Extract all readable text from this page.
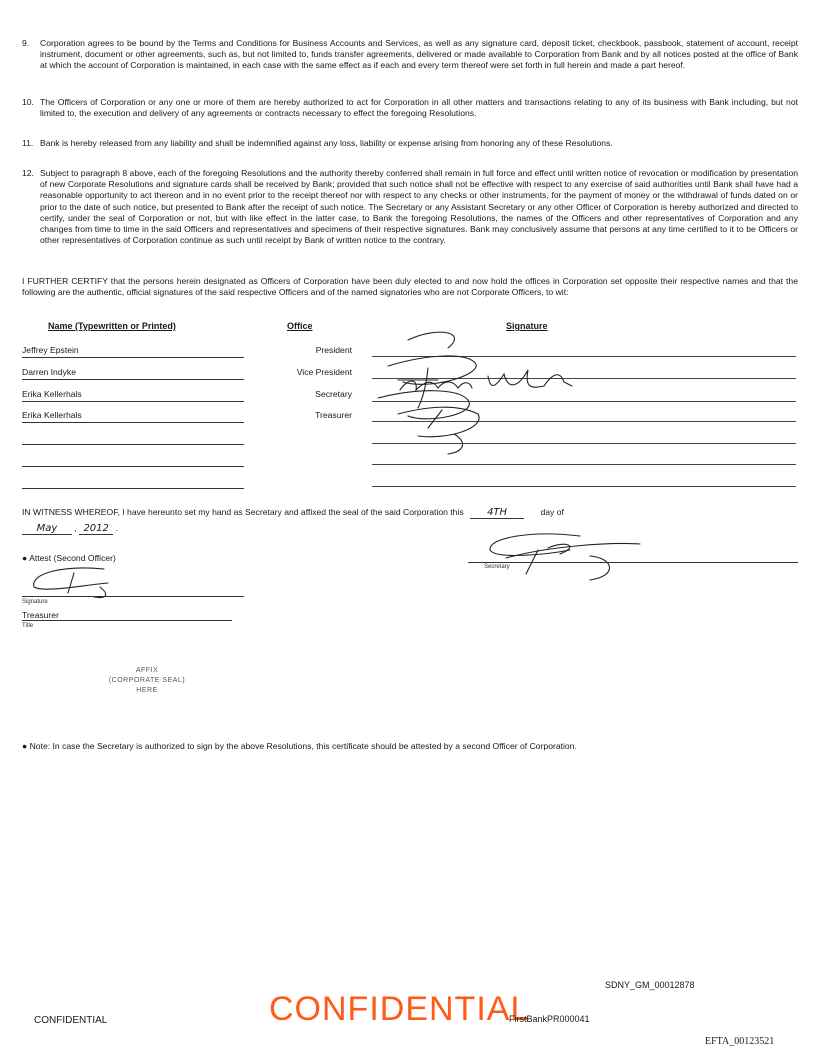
9. Corporation agrees to be bound by the Terms and Conditions for Business Accounts and Services, as well as any signature card, deposit ticket, checkbook, passbook, statement of account, receipt instrument, document or other agreements, such as, but not limited to, funds transfer agreements, delivered or made available to Corporation from Bank and by all notices posted at the office of Bank at which the account of Corporation is maintained, in each case with the same effect as if each and every term thereof were set forth in full herein and made a part hereof.
10. The Officers of Corporation or any one or more of them are hereby authorized to act for Corporation in all other matters and transactions relating to any of its business with Bank including, but not limited to, the execution and delivery of any agreements or contracts necessary to effect the foregoing Resolutions.
11. Bank is hereby released from any liability and shall be indemnified against any loss, liability or expense arising from honoring any of these Resolutions.
12. Subject to paragraph 8 above, each of the foregoing Resolutions and the authority thereby conferred shall remain in full force and effect until written notice of revocation or modification by presentation of new Corporate Resolutions and signature cards shall be received by Bank; provided that such notice shall not be effective with respect to any exercise of said authorities until Bank shall have had a reasonable opportunity to act thereon and in no event prior to the receipt thereof nor with respect to any checks or other instruments, for the payment of money or the withdrawal of funds dated on or prior to the date of such notice, but presented to Bank after the receipt of such notice. The Secretary or any Assistant Secretary or any other Officer of Corporation is hereby authorized and directed to certify, under the seal of Corporation or not, but with like effect in the latter case, to Bank the foregoing Resolutions, the names of the Officers and other representatives of Corporation and any changes from time to time in the said Officers and representatives and specimens of their respective signatures. Bank may conclusively assume that persons at any time certified to it to be Officers or other representatives of Corporation continue as such until receipt by Bank of written notice to the contrary.
I FURTHER CERTIFY that the persons herein designated as Officers of Corporation have been duly elected to and now hold the offices in Corporation set opposite their respective names and that the following are the authentic, official signatures of the said respective Officers and of the named signatories who are not Corporate Officers, to wit:
Name (Typewritten or Printed)	Office	Signature
Jeffrey Epstein	President
Darren Indyke	Vice President
Erika Kellerhals	Secretary
Erika Kellerhals	Treasurer
IN WITNESS WHEREOF, I have hereunto set my hand as Secretary and affixed the seal of the said Corporation this 4TH	day of
May , 2012 .
● Attest (Second Officer)
Signature
Treasurer
Title
Secretary
AFFIX
(CORPORATE SEAL)
HERE
● Note: In case the Secretary is authorized to sign by the above Resolutions, this certificate should be attested by a second Officer of Corporation.
CONFIDENTIAL	CONFIDENTIAL
SDNY_GM_00012878
FirstBankPR000041
EFTA_00123521
